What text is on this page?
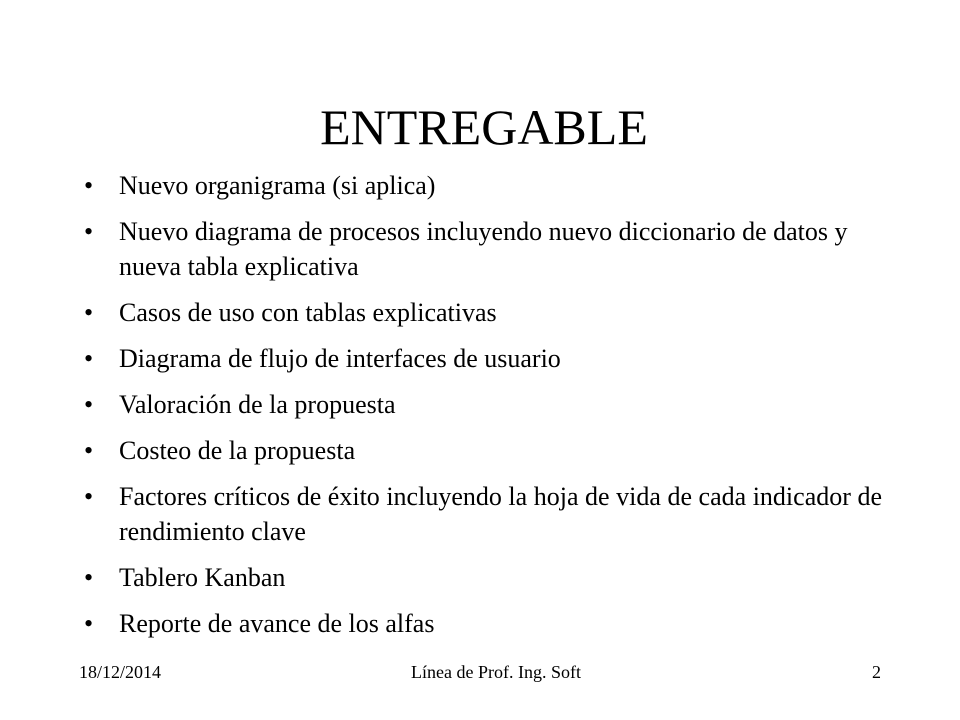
ENTREGABLE
• Nuevo organigrama (si aplica)
• Nuevo diagrama de procesos incluyendo nuevo diccionario de datos y nueva tabla explicativa
• Casos de uso con tablas explicativas
• Diagrama de flujo de interfaces de usuario
• Valoración de la propuesta
• Costeo de la propuesta
• Factores críticos de éxito incluyendo la hoja de vida de cada indicador de rendimiento clave
• Tablero Kanban
• Reporte de avance de los alfas
18/12/2014	Línea de Prof. Ing. Soft	2
